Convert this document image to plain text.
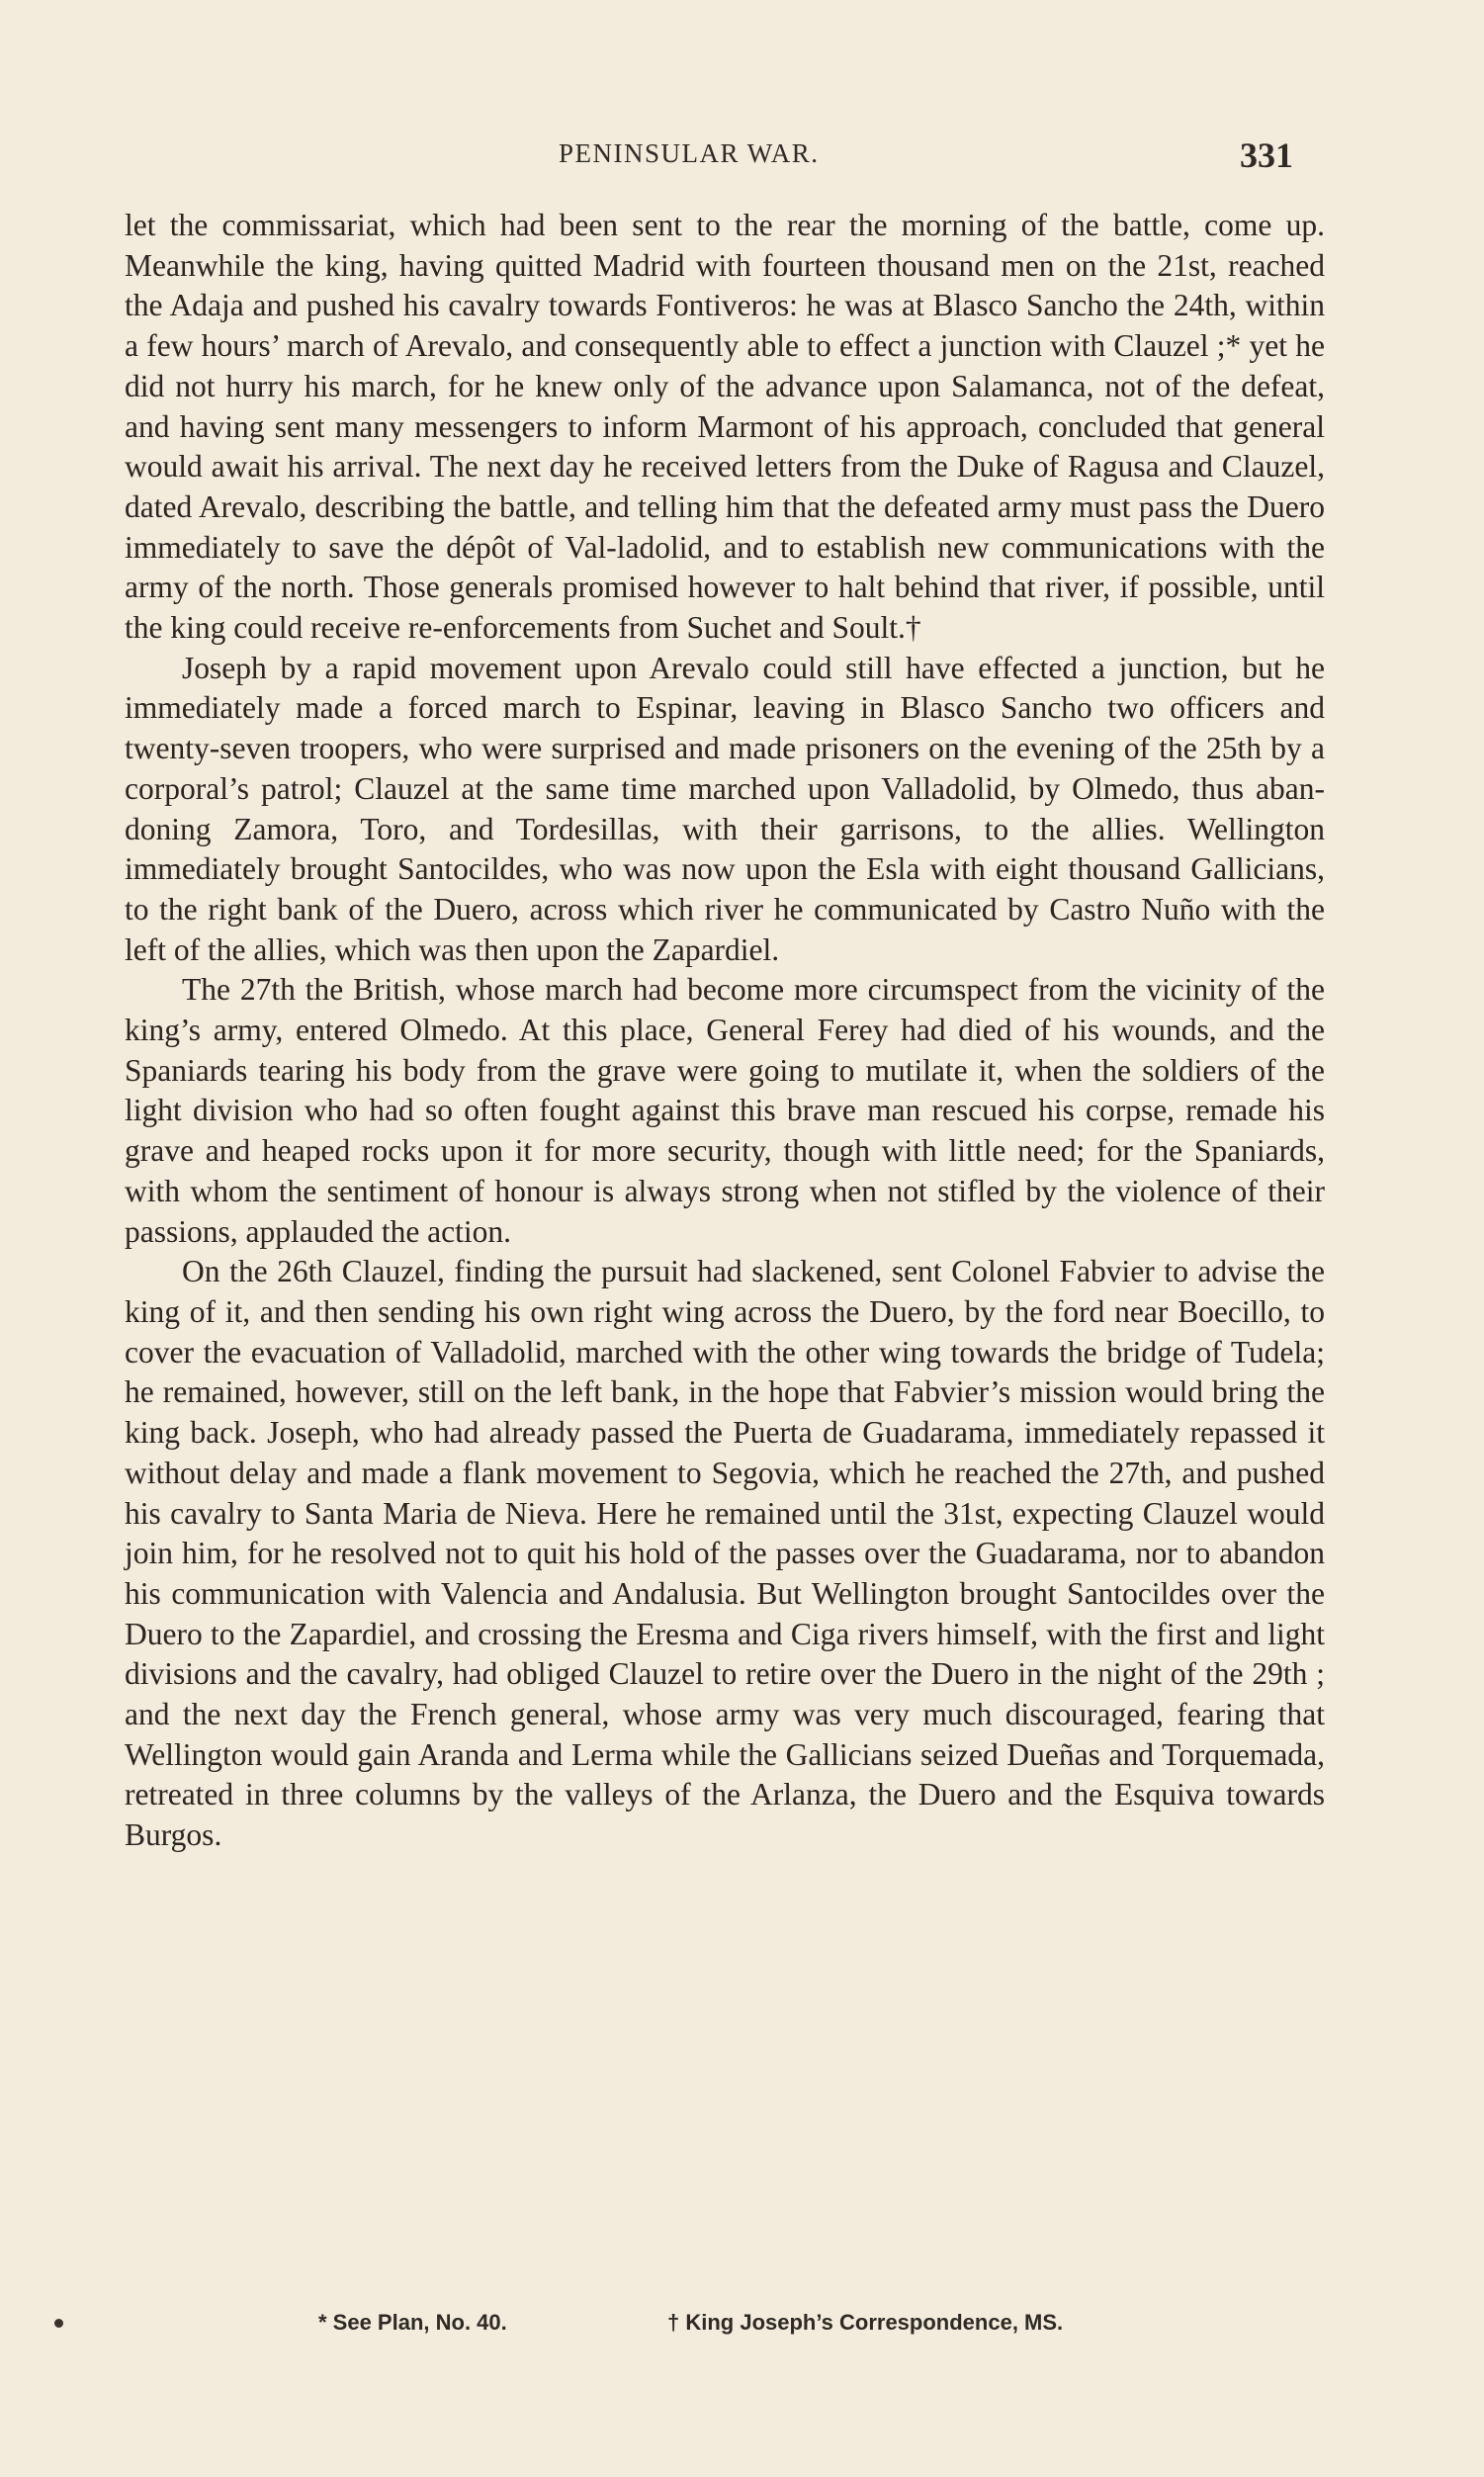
PENINSULAR WAR.	331

let the commissariat, which had been sent to the rear the morning of the battle, come up. Meanwhile the king, having quitted Madrid with fourteen thousand men on the 21st, reached the Adaja and pushed his cavalry towards Fontiveros: he was at Blasco Sancho the 24th, within a few hours’ march of Arevalo, and consequently able to effect a junction with Clauzel ;* yet he did not hurry his march, for he knew only of the advance upon Salamanca, not of the defeat, and having sent many messengers to inform Marmont of his approach, concluded that general would await his arrival. The next day he received letters from the Duke of Ragusa and Clauzel, dated Arevalo, describing the battle, and telling him that the defeated army must pass the Duero immediately to save the dépôt of Val-ladolid, and to establish new communications with the army of the north. Those generals promised however to halt behind that river, if possible, until the king could receive re-enforcements from Suchet and Soult.†

Joseph by a rapid movement upon Arevalo could still have effected a junction, but he immediately made a forced march to Espinar, leaving in Blasco Sancho two officers and twenty-seven troopers, who were surprised and made prisoners on the evening of the 25th by a corporal’s patrol; Clauzel at the same time marched upon Valladolid, by Olmedo, thus aban-doning Zamora, Toro, and Tordesillas, with their garrisons, to the allies. Wellington immediately brought Santocildes, who was now upon the Esla with eight thousand Gallicians, to the right bank of the Duero, across which river he communicated by Castro Nuño with the left of the allies, which was then upon the Zapardiel.

The 27th the British, whose march had become more circumspect from the vicinity of the king’s army, entered Olmedo. At this place, General Ferey had died of his wounds, and the Spaniards tearing his body from the grave were going to mutilate it, when the soldiers of the light division who had so often fought against this brave man rescued his corpse, remade his grave and heaped rocks upon it for more security, though with little need; for the Spaniards, with whom the sentiment of honour is always strong when not stifled by the violence of their passions, applauded the action.

On the 26th Clauzel, finding the pursuit had slackened, sent Colonel Fabvier to advise the king of it, and then sending his own right wing across the Duero, by the ford near Boecillo, to cover the evacuation of Valladolid, marched with the other wing towards the bridge of Tudela; he remained, however, still on the left bank, in the hope that Fabvier’s mission would bring the king back. Joseph, who had already passed the Puerta de Guadarama, immediately repassed it without delay and made a flank movement to Segovia, which he reached the 27th, and pushed his cavalry to Santa Maria de Nieva. Here he remained until the 31st, expecting Clauzel would join him, for he resolved not to quit his hold of the passes over the Guadarama, nor to abandon his communication with Valencia and Andalusia. But Wellington brought Santocildes over the Duero to the Zapardiel, and crossing the Eresma and Ciga rivers himself, with the first and light divisions and the cavalry, had obliged Clauzel to retire over the Duero in the night of the 29th ; and the next day the French general, whose army was very much discouraged, fearing that Wellington would gain Aranda and Lerma while the Gallicians seized Dueñas and Torquemada, retreated in three columns by the valleys of the Arlanza, the Duero and the Esquiva towards Burgos.

* See Plan, No. 40.	† King Joseph’s Correspondence, MS.
